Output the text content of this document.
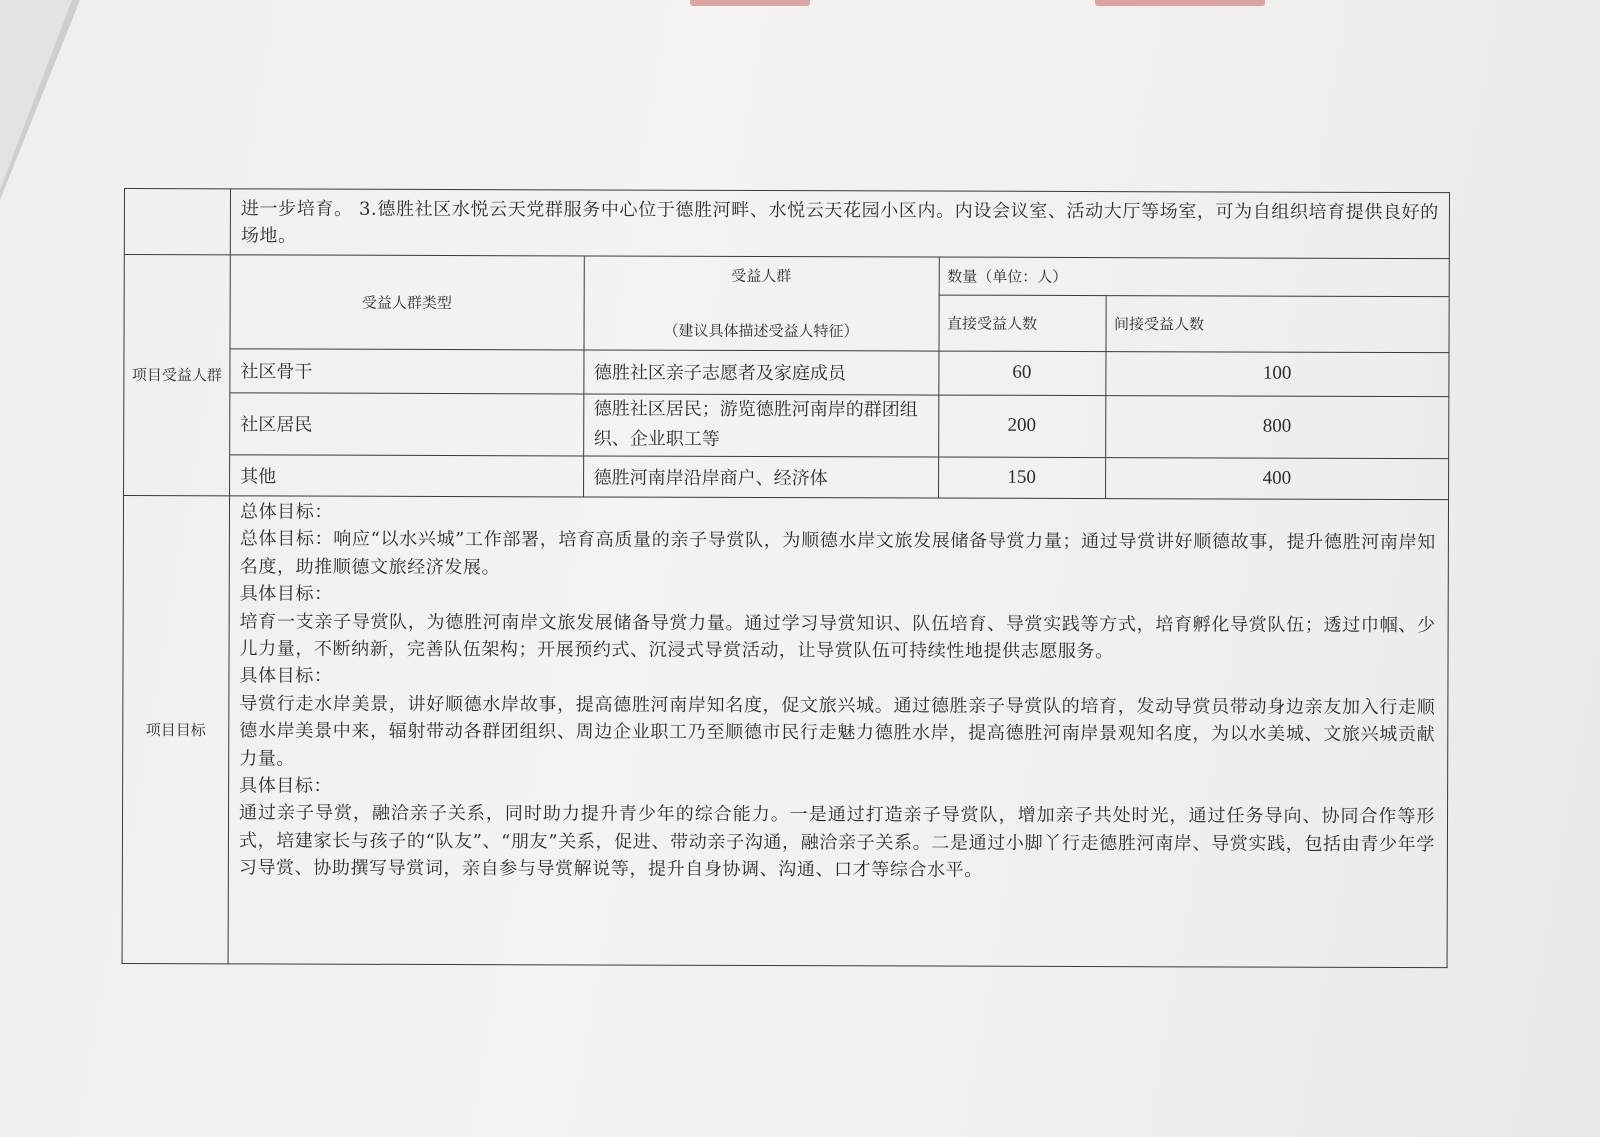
	进一步培育。 3.德胜社区水悦云天党群服务中心位于德胜河畔、水悦云天花园小区内。内设会议室、活动大厅等场室，可为自组织培育提供良好的场地。
项目受益人群	
受益人群类型	
受益人群
（建议具体描述受益人特征）
	数量（单位：人）
直接受益人数	间接受益人数
社区骨干	德胜社区亲子志愿者及家庭成员	60	100
社区居民	德胜社区居民；游览德胜河南岸的群团组织、企业职工等	200	800
其他	德胜河南岸沿岸商户、经济体	150	400

项目目标	

总体目标：

总体目标：响应“以水兴城”工作部署，培育高质量的亲子导赏队，为顺德水岸文旅发展储备导赏力量；通过导赏讲好顺德故事，提升德胜河南岸知名度，助推顺德文旅经济发展。

具体目标：

培育一支亲子导赏队，为德胜河南岸文旅发展储备导赏力量。通过学习导赏知识、队伍培育、导赏实践等方式，培育孵化导赏队伍；透过巾帼、少儿力量，不断纳新，完善队伍架构；开展预约式、沉浸式导赏活动，让导赏队伍可持续性地提供志愿服务。

具体目标：

导赏行走水岸美景，讲好顺德水岸故事，提高德胜河南岸知名度，促文旅兴城。通过德胜亲子导赏队的培育，发动导赏员带动身边亲友加入行走顺德水岸美景中来，辐射带动各群团组织、周边企业职工乃至顺德市民行走魅力德胜水岸，提高德胜河南岸景观知名度，为以水美城、文旅兴城贡献力量。

具体目标：

通过亲子导赏，融洽亲子关系，同时助力提升青少年的综合能力。一是通过打造亲子导赏队，增加亲子共处时光，通过任务导向、协同合作等形式，培建家长与孩子的“队友”、“朋友”关系，促进、带动亲子沟通，融洽亲子关系。二是通过小脚丫行走德胜河南岸、导赏实践，包括由青少年学习导赏、协助撰写导赏词，亲自参与导赏解说等，提升自身协调、沟通、口才等综合水平。
